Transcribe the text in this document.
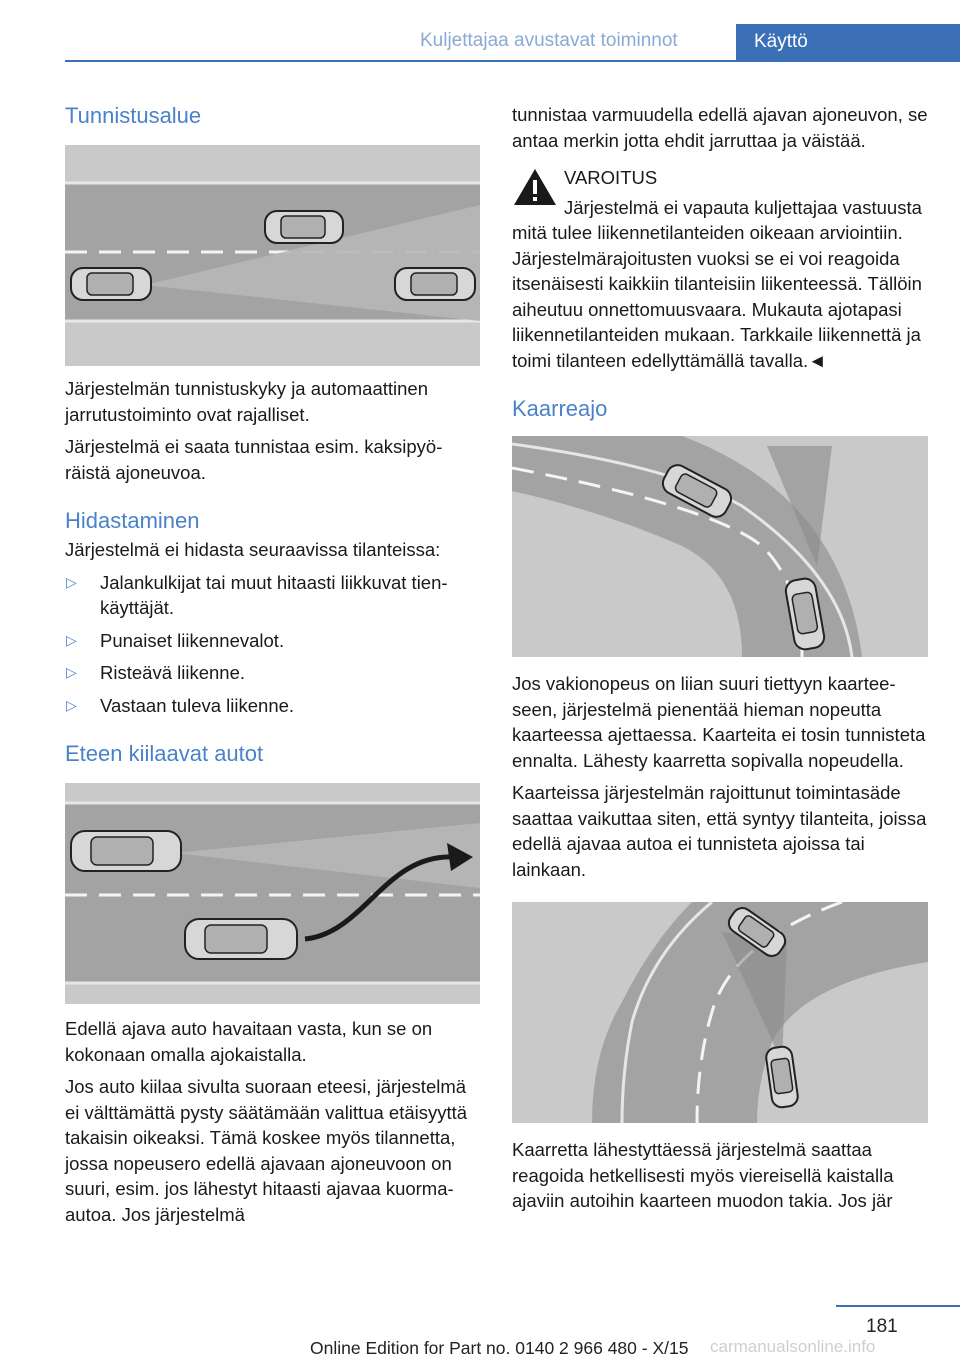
Kuljettajaa avustavat toiminnot	Käyttö
Tunnistusalue

Järjestelmän tunnistuskyky ja automaattinen jarrutustoiminto ovat rajalliset.

Järjestelmä ei saata tunnistaa esim. kaksipyöräistä ajoneuvoa.

Hidastaminen

Järjestelmä ei hidasta seuraavissa tilanteissa:

▷ Jalankulkijat tai muut hitaasti liikkuvat tienkäyttäjät.
▷ Punaiset liikennevalot.
▷ Risteävä liikenne.
▷ Vastaan tuleva liikenne.
Eteen kiilaavat autot

Edellä ajava auto havaitaan vasta, kun se on kokonaan omalla ajokaistalla.

Jos auto kiilaa sivulta suoraan eteesi, järjestelmä ei välttämättä pysty säätämään valittua etäisyyttä takaisin oikeaksi. Tämä koskee myös tilannetta, jossa nopeusero edellä ajavaan ajoneuvoon on suuri, esim. jos lähestyt hitaasti ajavaa kuorma-autoa. Jos järjestelmä

tunnistaa varmuudella edellä ajavan ajoneuvon, se antaa merkin jotta ehdit jarruttaa ja väistää.

VAROITUS

Järjestelmä ei vapauta kuljettajaa vastuusta mitä tulee liikennetilanteiden oikeaan arviointiin. Järjestelmärajoitusten vuoksi se ei voi reagoida itsenäisesti kaikkiin tilanteisiin liikenteessä. Tällöin aiheutuu onnettomuusvaara. Mukauta ajotapasi liikennetilanteiden mukaan. Tarkkaile liikennettä ja toimi tilanteen edellyttämällä tavalla.◄

Kaarreajo

Jos vakionopeus on liian suuri tiettyyn kaarteeseen, järjestelmä pienentää hieman nopeutta kaarteessa ajettaessa. Kaarteita ei tosin tunnisteta ennalta. Lähesty kaarretta sopivalla nopeudella.

Kaarteissa järjestelmän rajoittunut toimintasäde saattaa vaikuttaa siten, että syntyy tilanteita, joissa edellä ajavaa autoa ei tunnisteta ajoissa tai lainkaan.

Kaarretta lähestyttäessä järjestelmä saattaa reagoida hetkellisesti myös viereisellä kaistalla ajaviin autoihin kaarteen muodon takia. Jos jär

181
Online Edition for Part no. 0140 2 966 480 - X/15 carmanualsonline.info
